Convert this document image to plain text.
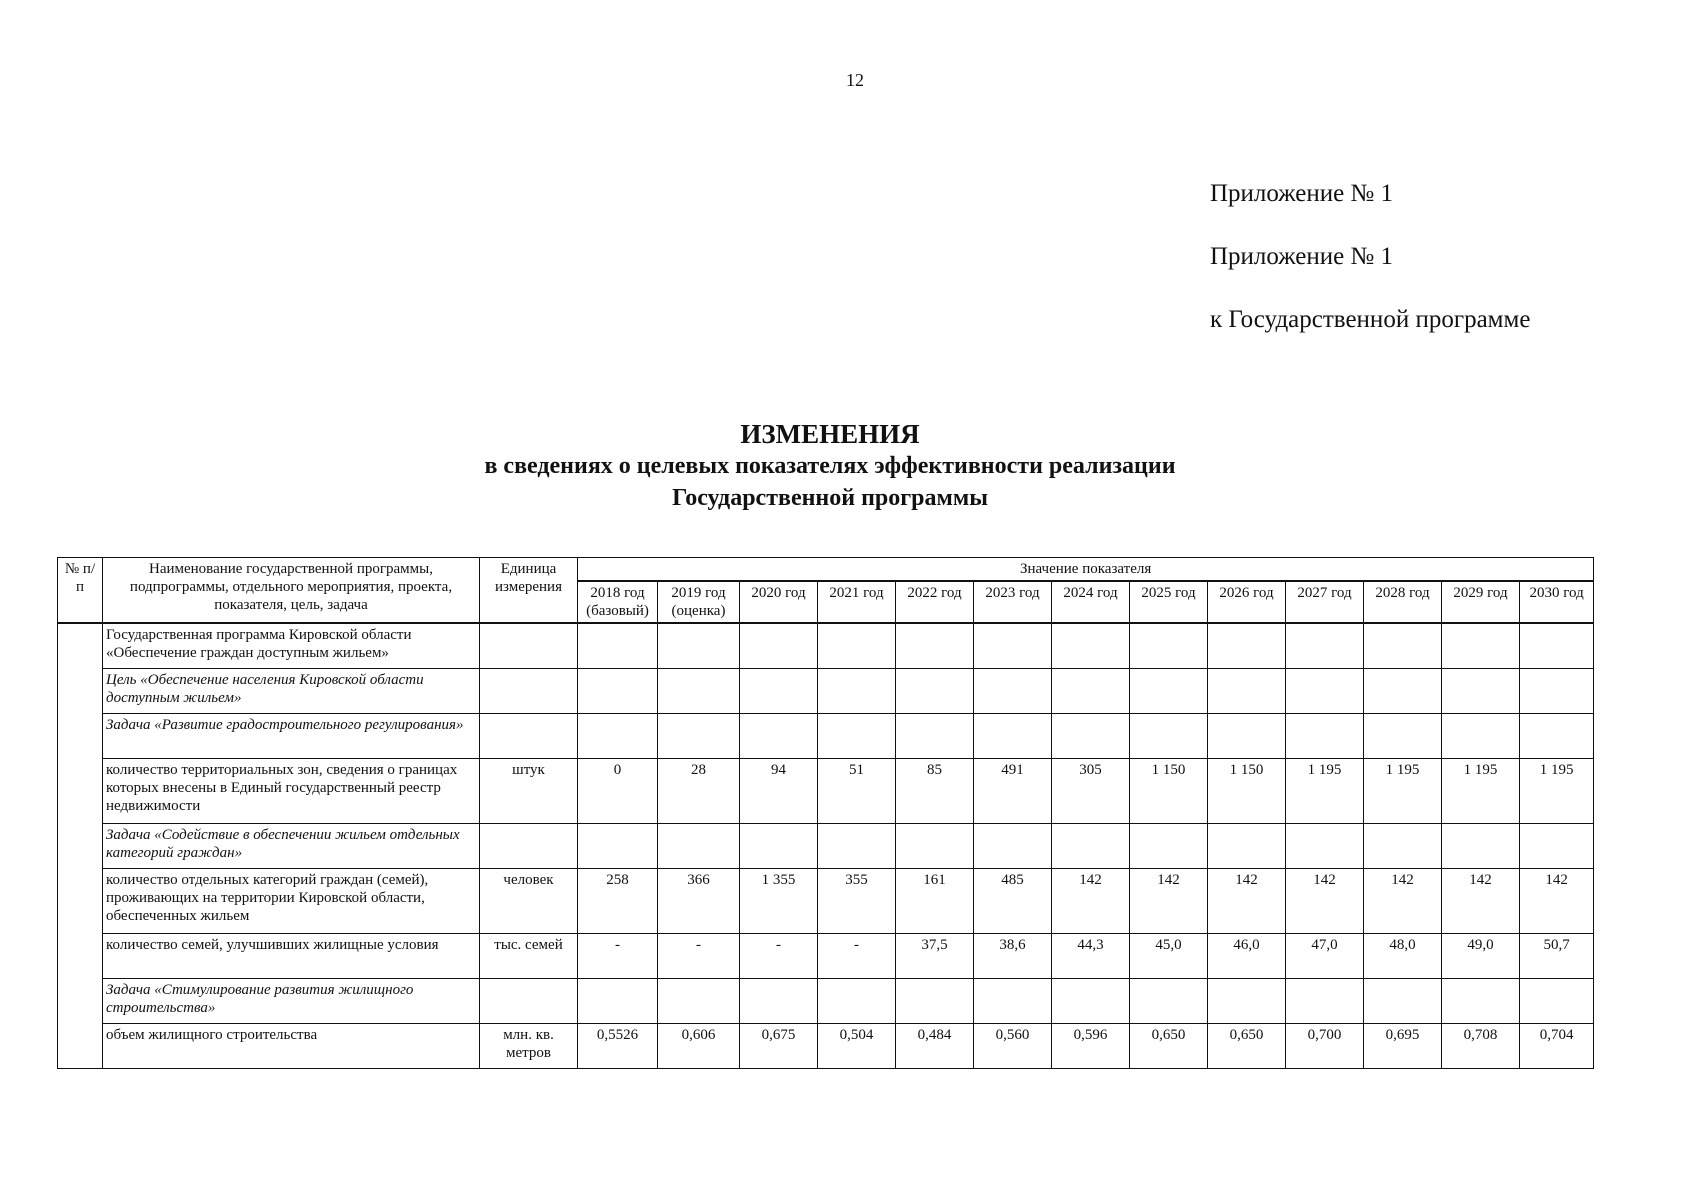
12
Приложение № 1
Приложение № 1
к Государственной программе
ИЗМЕНЕНИЯ
в сведениях о целевых показателях эффективности реализации
Государственной программы
№ п/п	Наименование государственной программы, подпрограммы, отдельного мероприятия, проекта, показателя, цель, задача	Единица измерения	Значение показателя												
			2018 год (базовый)	2019 год (оценка)	2020 год	2021 год	2022 год	2023 год	2024 год	2025 год	2026 год	2027 год	2028 год	2029 год	2030 год
	Государственная программа Кировской области «Обеспечение граждан доступным жильем»														
	Цель «Обеспечение населения Кировской области доступным жильем»														
	Задача «Развитие градостроительного регулирования»														
	количество территориальных зон, сведения о границах которых внесены в Единый государственный реестр недвижимости	штук	0	28	94	51	85	491	305	1 150	1 150	1 195	1 195	1 195	1 195
	Задача «Содействие в обеспечении жильем отдельных категорий граждан»														
	количество отдельных категорий граждан (семей), проживающих на территории Кировской области, обеспеченных жильем	человек	258	366	1 355	355	161	485	142	142	142	142	142	142	142
	количество семей, улучшивших жилищные условия	тыс. семей	-	-	-	-	37,5	38,6	44,3	45,0	46,0	47,0	48,0	49,0	50,7
	Задача «Стимулирование развития жилищного строительства»														
	объем жилищного строительства	млн. кв. метров	0,5526	0,606	0,675	0,504	0,484	0,560	0,596	0,650	0,650	0,700	0,695	0,708	0,704
